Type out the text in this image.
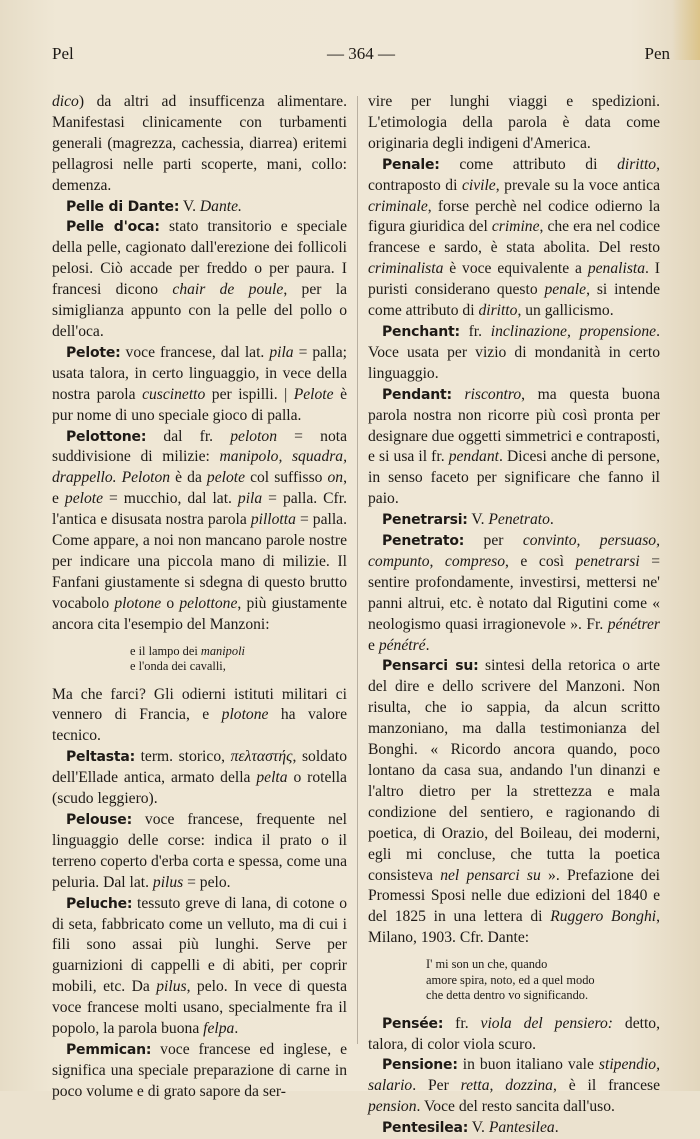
Pel	— 364 —	Pen

dico) da altri ad insufficenza alimentare. Manifestasi clinicamente con turbamenti generali (magrezza, cachessia, diarrea) eritemi pellagrosi nelle parti scoperte, mani, collo: demenza.

Pelle di Dante: V. Dante.

Pelle d'oca: stato transitorio e speciale della pelle, cagionato dall'erezione dei follicoli pelosi. Ciò accade per freddo o per paura. I francesi dicono chair de poule, per la simiglianza appunto con la pelle del pollo o dell'oca.

Pelote: voce francese, dal lat. pila = palla; usata talora, in certo linguaggio, in vece della nostra parola cuscinetto per ispilli. | Pelote è pur nome di uno speciale gioco di palla.

Pelottone: dal fr. peloton = nota suddivisione di milizie: manipolo, squadra, drappello. Peloton è da pelote col suffisso on, e pelote = mucchio, dal lat. pila = palla. Cfr. l'antica e disusata nostra parola pillotta = palla. Come appare, a noi non mancano parole nostre per indicare una piccola mano di milizie. Il Fanfani giustamente si sdegna di questo brutto vocabolo plotone o pelottone, più giustamente ancora cita l'esempio del Manzoni:

e il lampo dei manipoli
e l'onda dei cavalli,

Ma che farci? Gli odierni istituti militari ci vennero di Francia, e plotone ha valore tecnico.

Peltasta: term. storico, πελταστής, soldato dell'Ellade antica, armato della pelta o rotella (scudo leggiero).

Pelouse: voce francese, frequente nel linguaggio delle corse: indica il prato o il terreno coperto d'erba corta e spessa, come una peluria. Dal lat. pilus = pelo.

Peluche: tessuto greve di lana, di cotone o di seta, fabbricato come un velluto, ma di cui i fili sono assai più lunghi. Serve per guarnizioni di cappelli e di abiti, per coprir mobili, etc. Da pilus, pelo. In vece di questa voce francese molti usano, specialmente fra il popolo, la parola buona felpa.

Pemmican: voce francese ed inglese, e significa una speciale preparazione di carne in poco volume e di grato sapore da ser-

vire per lunghi viaggi e spedizioni. L'etimologia della parola è data come originaria degli indigeni d'America.

Penale: come attributo di diritto, contraposto di civile, prevale su la voce antica criminale, forse perchè nel codice odierno la figura giuridica del crimine, che era nel codice francese e sardo, è stata abolita. Del resto criminalista è voce equivalente a penalista. I puristi considerano questo penale, si intende come attributo di diritto, un gallicismo.

Penchant: fr. inclinazione, propensione. Voce usata per vizio di mondanità in certo linguaggio.

Pendant: riscontro, ma questa buona parola nostra non ricorre più così pronta per designare due oggetti simmetrici e contraposti, e si usa il fr. pendant. Dicesi anche di persone, in senso faceto per significare che fanno il paio.

Penetrarsi: V. Penetrato.

Penetrato: per convinto, persuaso, compunto, compreso, e così penetrarsi = sentire profondamente, investirsi, mettersi ne' panni altrui, etc. è notato dal Rigutini come « neologismo quasi irragionevole ». Fr. pénétrer e pénétré.

Pensarci su: sintesi della retorica o arte del dire e dello scrivere del Manzoni. Non risulta, che io sappia, da alcun scritto manzoniano, ma dalla testimonianza del Bonghi. « Ricordo ancora quando, poco lontano da casa sua, andando l'un dinanzi e l'altro dietro per la strettezza e mala condizione del sentiero, e ragionando di poetica, di Orazio, del Boileau, dei moderni, egli mi concluse, che tutta la poetica consisteva nel pensarci su ». Prefazione dei Promessi Sposi nelle due edizioni del 1840 e del 1825 in una lettera di Ruggero Bonghi, Milano, 1903. Cfr. Dante:

I' mi son un che, quando
amore spira, noto, ed a quel modo
che detta dentro vo significando.

Pensée: fr. viola del pensiero: detto, talora, di color viola scuro.

Pensione: in buon italiano vale stipendio, salario. Per retta, dozzina, è il francese pension. Voce del resto sancita dall'uso.

Pentesilea: V. Pantesilea.
